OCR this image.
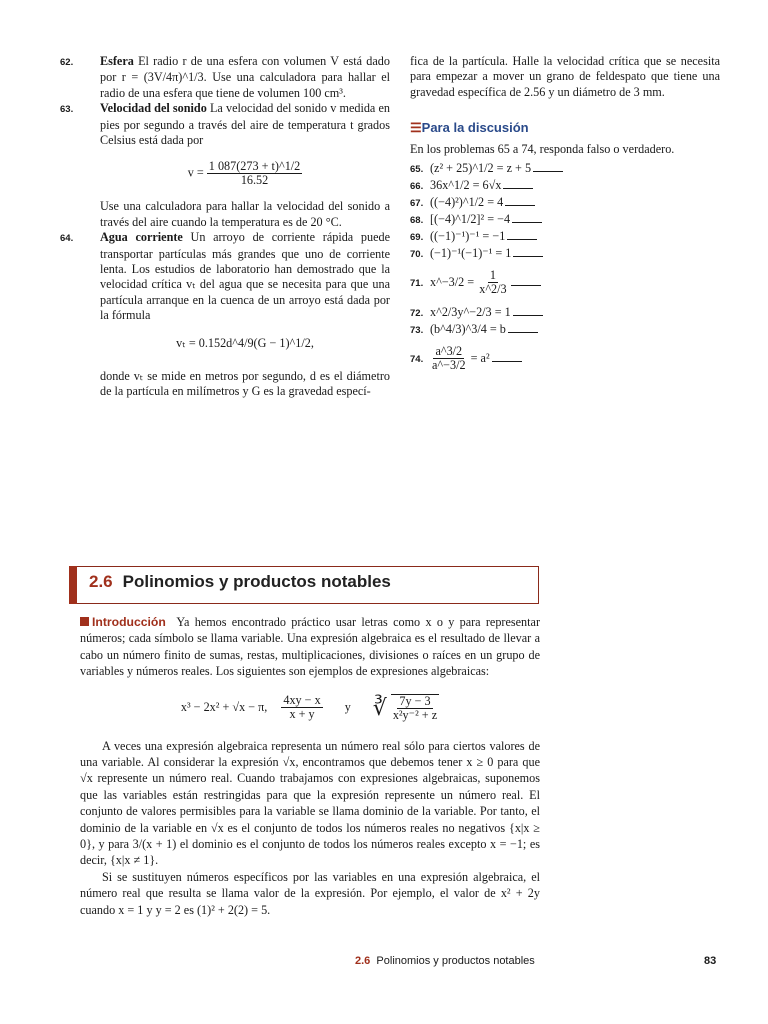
62. Esfera El radio r de una esfera con volumen V está dado por r = (3V/4π)^1/3. Use una calculadora para hallar el radio de una esfera que tiene de volumen 100 cm³.

63. Velocidad del sonido La velocidad del sonido v medida en pies por segundo a través del aire de temperatura t grados Celsius está dada por

$v = \frac{1 087(273 + t)\^{}1/2}{16.52}$

Use una calculadora para hallar la velocidad del sonido a través del aire cuando la temperatura es de 20 °C.

64. Agua corriente Un arroyo de corriente rápida puede transportar partículas más grandes que uno de corriente lenta. Los estudios de laboratorio han demostrado que la velocidad crítica vₜ del agua que se necesita para que una partícula arranque en la cuenca de un arroyo está dada por la fórmula

vₜ = 0.152d^4/9(G − 1)^1/2,

donde vₜ se mide en metros por segundo, d es el diámetro de la partícula en milímetros y G es la gravedad especí-

fica de la partícula. Halle la velocidad crítica que se necesita para empezar a mover un grano de feldespato que tiene una gravedad específica de 2.56 y un diámetro de 3 mm.

☰Para la discusión

En los problemas 65 a 74, responda falso o verdadero.

65. (z² + 25)^1/2 = z + 5
66. 36x^1/2 = 6√x
67. ((−4)²)^1/2 = 4
68. [(−4)^1/2]² = −4
69. ((−1)⁻¹)⁻¹ = −1
70. (−1)⁻¹(−1)⁻¹ = 1
71. x^−3/2 = $\frac{1}{x\^{}2/3}$
72. x^2/3y^−2/3 = 1
73. (b^4/3)^3/4 = b
74. $\frac{a\^{}3/2}{a\^{}-3/2} = a^2$
2.6 Polinomios y productos notables

Introducción Ya hemos encontrado práctico usar letras como x o y para representar números; cada símbolo se llama variable. Una expresión algebraica es el resultado de llevar a cabo un número finito de sumas, restas, multiplicaciones, divisiones o raíces en un grupo de variables y números reales. Los siguientes son ejemplos de expresiones algebraicas:

x³ − 2x² + √x − π, $\frac{4xy - x}{x + y}$ y ∛ $\frac{7y - 3}{\text{x²y⁻² + z}}$

A veces una expresión algebraica representa un número real sólo para ciertos valores de una variable. Al considerar la expresión √x, encontramos que debemos tener x ≥ 0 para que √x represente un número real. Cuando trabajamos con expresiones algebraicas, suponemos que las variables están restringidas para que la expresión represente un número real. El conjunto de valores permisibles para la variable se llama dominio de la variable. Por tanto, el dominio de la variable en √x es el conjunto de todos los números reales no negativos {x|x ≥ 0}, y para 3/(x + 1) el dominio es el conjunto de todos los números reales excepto x = −1; es decir, {x|x ≠ 1}.

Si se sustituyen números específicos por las variables en una expresión algebraica, el número real que resulta se llama valor de la expresión. Por ejemplo, el valor de x² + 2y cuando x = 1 y y = 2 es (1)² + 2(2) = 5.

2.6 Polinomios y productos notables	83
